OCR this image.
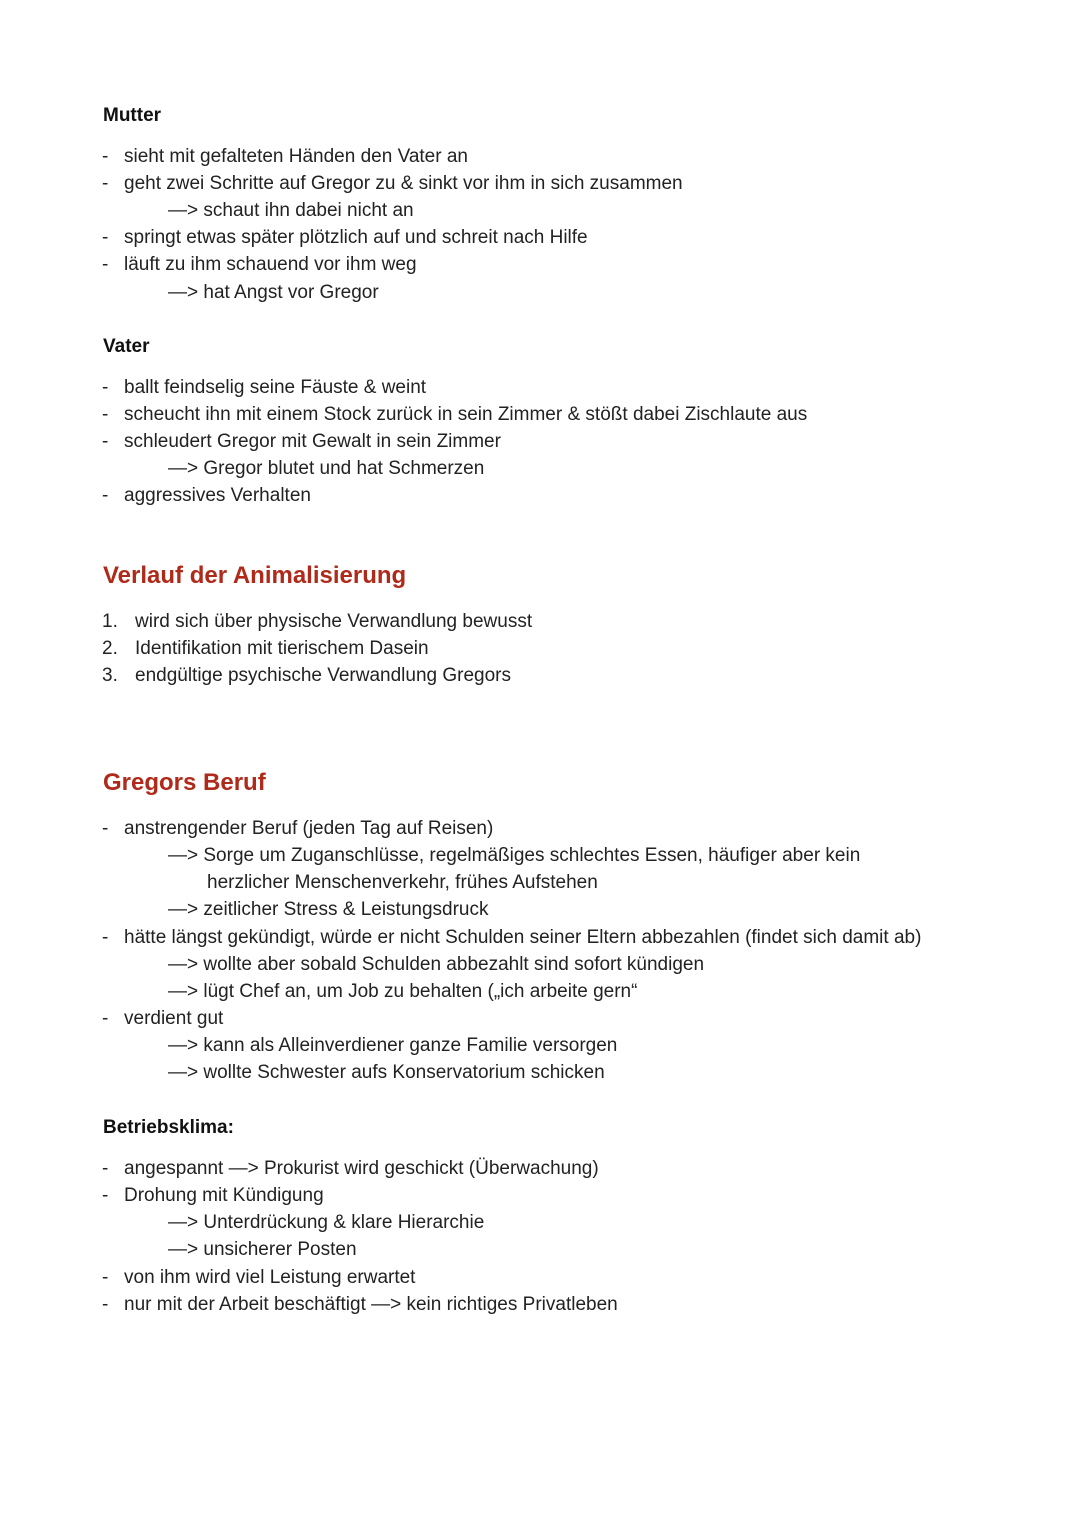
Mutter
- sieht mit gefalteten Händen den Vater an
- geht zwei Schritte auf Gregor zu & sinkt vor ihm in sich zusammen
—> schaut ihn dabei nicht an
- springt etwas später plötzlich auf und schreit nach Hilfe
- läuft zu ihm schauend vor ihm weg
—> hat Angst vor Gregor
Vater
- ballt feindselig seine Fäuste & weint
- scheucht ihn mit einem Stock zurück in sein Zimmer & stößt dabei Zischlaute aus
- schleudert Gregor mit Gewalt in sein Zimmer
—> Gregor blutet und hat Schmerzen
- aggressives Verhalten
Verlauf der Animalisierung
1. wird sich über physische Verwandlung bewusst
2. Identifikation mit tierischem Dasein
3. endgültige psychische Verwandlung Gregors
Gregors Beruf
- anstrengender Beruf (jeden Tag auf Reisen)
—> Sorge um Zuganschlüsse, regelmäßiges schlechtes Essen, häufiger aber kein
herzlicher Menschenverkehr, frühes Aufstehen
—> zeitlicher Stress & Leistungsdruck
- hätte längst gekündigt, würde er nicht Schulden seiner Eltern abbezahlen (findet sich damit ab)
—> wollte aber sobald Schulden abbezahlt sind sofort kündigen
—> lügt Chef an, um Job zu behalten („ich arbeite gern“
- verdient gut
—> kann als Alleinverdiener ganze Familie versorgen
—> wollte Schwester aufs Konservatorium schicken
Betriebsklima:
- angespannt —> Prokurist wird geschickt (Überwachung)
- Drohung mit Kündigung
—> Unterdrückung & klare Hierarchie
—> unsicherer Posten
- von ihm wird viel Leistung erwartet
- nur mit der Arbeit beschäftigt —> kein richtiges Privatleben
